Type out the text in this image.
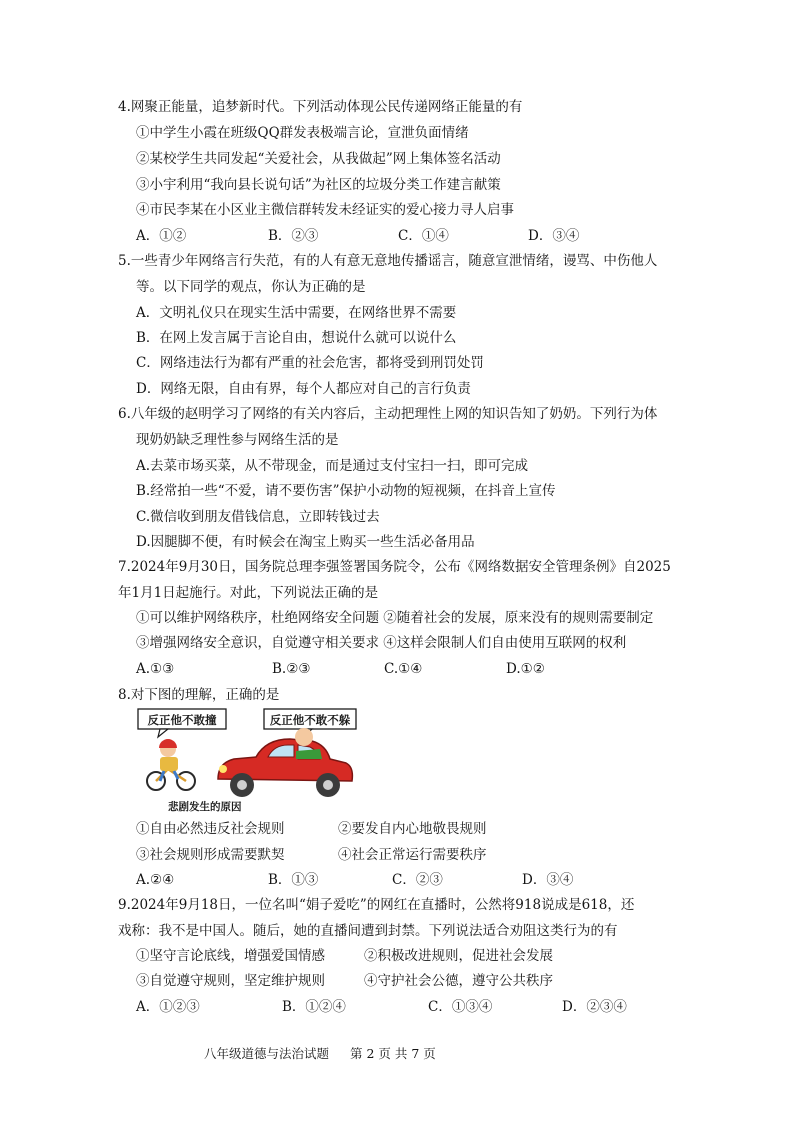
4.网聚正能量，追梦新时代。下列活动体现公民传递网络正能量的有
①中学生小霞在班级QQ群发表极端言论，宣泄负面情绪
②某校学生共同发起“关爱社会，从我做起”网上集体签名活动
③小宇利用“我向县长说句话”为社区的垃圾分类工作建言献策
④市民李某在小区业主微信群转发未经证实的爱心接力寻人启事
A．①②	B．②③	C．①④	D．③④
5.一些青少年网络言行失范，有的人有意无意地传播谣言，随意宣泄情绪，谩骂、中伤他人
等。以下同学的观点，你认为正确的是
A．文明礼仪只在现实生活中需要，在网络世界不需要
B．在网上发言属于言论自由，想说什么就可以说什么
C．网络违法行为都有严重的社会危害，都将受到刑罚处罚
D．网络无限，自由有界，每个人都应对自己的言行负责
6.八年级的赵明学习了网络的有关内容后，主动把理性上网的知识告知了奶奶。下列行为体
现奶奶缺乏理性参与网络生活的是
A.去菜市场买菜，从不带现金，而是通过支付宝扫一扫，即可完成
B.经常拍一些“不爱，请不要伤害”保护小动物的短视频，在抖音上宣传
C.微信收到朋友借钱信息，立即转钱过去
D.因腿脚不便，有时候会在淘宝上购买一些生活必备用品
7.2024年9月30日，国务院总理李强签署国务院令，公布《网络数据安全管理条例》自2025
年1月1日起施行。对此，下列说法正确的是
①可以维护网络秩序，杜绝网络安全问题 ②随着社会的发展，原来没有的规则需要制定
③增强网络安全意识，自觉遵守相关要求 ④这样会限制人们自由使用互联网的权利
A.①③	B.②③	C.①④	D.①②
8.对下图的理解，正确的是
反正他不敢撞	反正他不敢不躲
悲剧发生的原因
①自由必然违反社会规则	②要发自内心地敬畏规则
③社会规则形成需要默契	④社会正常运行需要秩序
A.②④	B．①③	C．②③	D．③④
9.2024年9月18日，一位名叫“娟子爱吃”的网红在直播时，公然将918说成是618，还
戏称：我不是中国人。随后，她的直播间遭到封禁。下列说法适合劝阻这类行为的有
①坚守言论底线，增强爱国情感	②积极改进规则，促进社会发展
③自觉遵守规则，坚定维护规则	④守护社会公德，遵守公共秩序
A．①②③	B．①②④	C．①③④	D．②③④
八年级道德与法治试题 第 2 页 共 7 页
